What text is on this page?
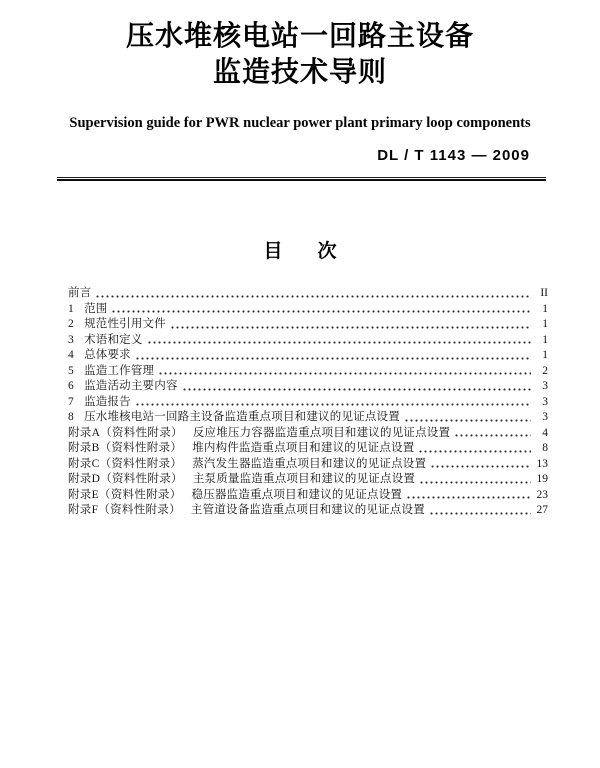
压水堆核电站一回路主设备
监造技术导则
Supervision guide for PWR nuclear power plant primary loop components
DL / T 1143 — 2009
目　次
前言	II
1 范围	1
2 规范性引用文件	1
3 术语和定义	1
4 总体要求	1
5 监造工作管理	2
6 监造活动主要内容	3
7 监造报告	3
8 压水堆核电站一回路主设备监造重点项目和建议的见证点设置	3
附录A（资料性附录） 反应堆压力容器监造重点项目和建议的见证点设置	4
附录B（资料性附录） 堆内构件监造重点项目和建议的见证点设置	8
附录C（资料性附录） 蒸汽发生器监造重点项目和建议的见证点设置	13
附录D（资料性附录） 主泵质量监造重点项目和建议的见证点设置	19
附录E（资料性附录） 稳压器监造重点项目和建议的见证点设置	23
附录F（资料性附录） 主管道设备监造重点项目和建议的见证点设置	27
